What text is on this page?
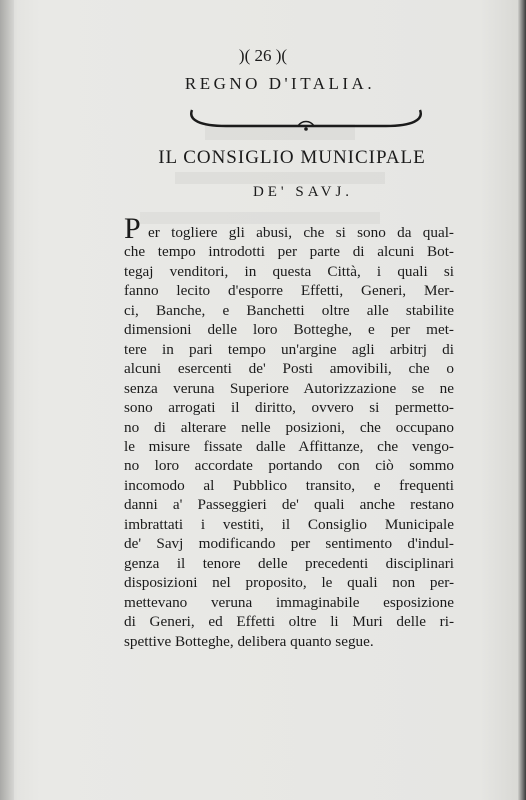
)( 26 )(
REGNO D'ITALIA.
IL CONSIGLIO MUNICIPALE
DE' SAVJ.
P er togliere gli abusi, che si sono da qual-
che tempo introdotti per parte di alcuni Bot-
tegaj venditori, in questa Città, i quali si
fanno lecito d'esporre Effetti, Generi, Mer-
ci, Banche, e Banchetti oltre alle stabilite
dimensioni delle loro Botteghe, e per met-
tere in pari tempo un'argine agli arbitrj di
alcuni esercenti de' Posti amovibili, che o
senza veruna Superiore Autorizzazione se ne
sono arrogati il diritto, ovvero si permetto-
no di alterare nelle posizioni, che occupano
le misure fissate dalle Affittanze, che vengo-
no loro accordate portando con ciò sommo
incomodo al Pubblico transito, e frequenti
danni a' Passeggieri de' quali anche restano
imbrattati i vestiti, il Consiglio Municipale
de' Savj modificando per sentimento d'indul-
genza il tenore delle precedenti disciplinari
disposizioni nel proposito, le quali non per-
mettevano veruna immaginabile esposizione
di Generi, ed Effetti oltre li Muri delle ri-
spettive Botteghe, delibera quanto segue.
